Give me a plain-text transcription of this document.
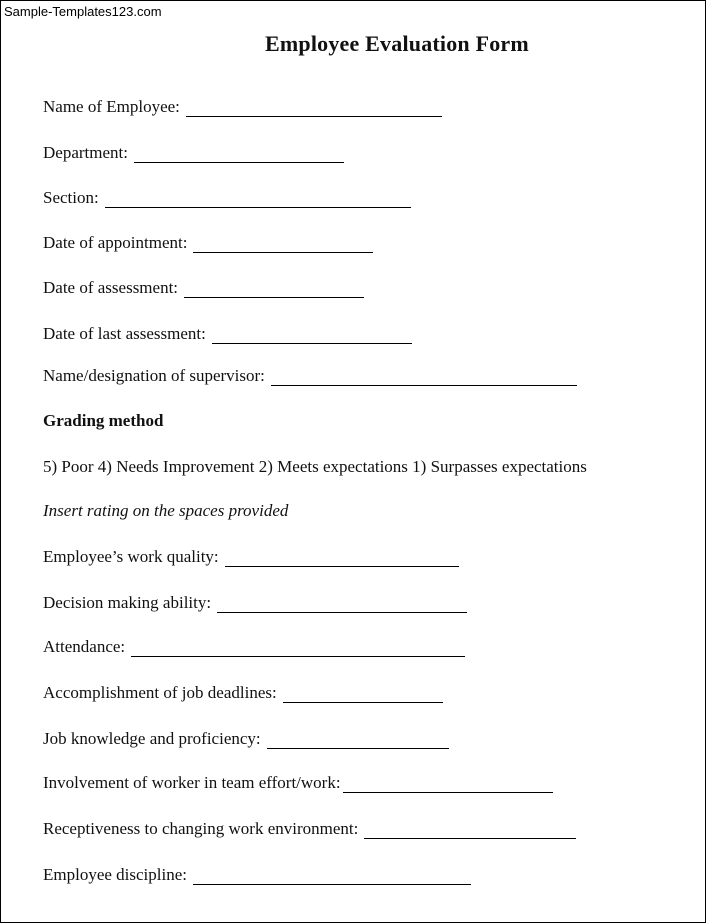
Sample-Templates123.com
Employee Evaluation Form
Name of Employee:
Department:
Section:
Date of appointment:
Date of assessment:
Date of last assessment:
Name/designation of supervisor:
Grading method
5) Poor 4) Needs Improvement 2) Meets expectations 1) Surpasses expectations
Insert rating on the spaces provided
Employee’s work quality:
Decision making ability:
Attendance:
Accomplishment of job deadlines:
Job knowledge and proficiency:
Involvement of worker in team effort/work:
Receptiveness to changing work environment:
Employee discipline:
